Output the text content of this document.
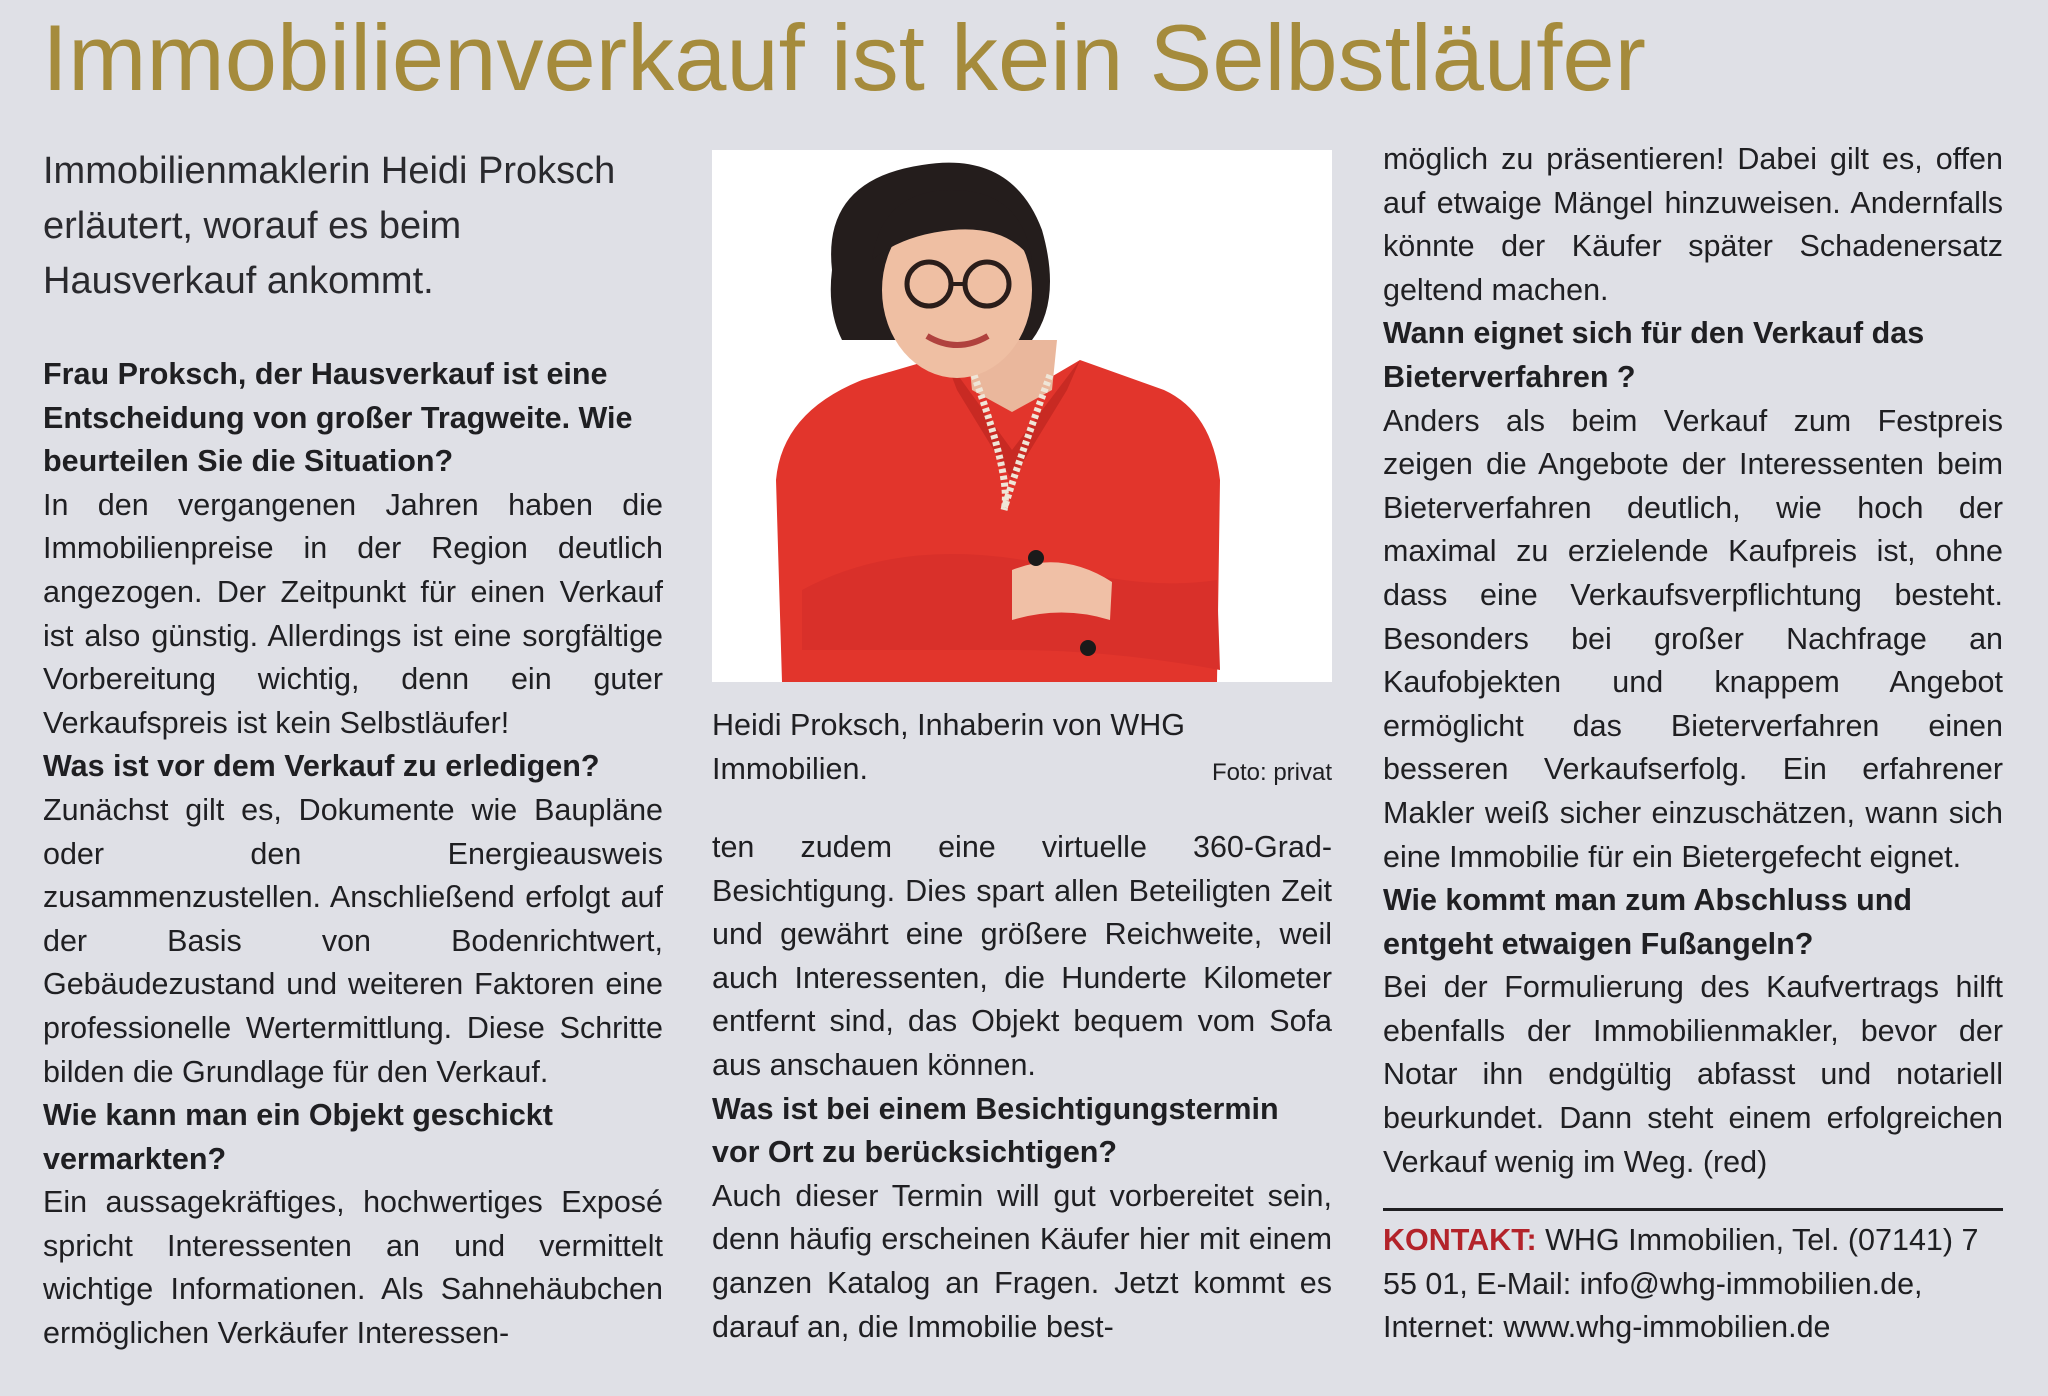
Immobilienverkauf ist kein Selbstläufer

Immobilienmaklerin Heidi Proksch erläutert, worauf es beim Hausverkauf ankommt.

Frau Proksch, der Hausverkauf ist eine Entscheidung von großer Tragweite. Wie beurteilen Sie die Situation?

In den vergangenen Jahren haben die Immobilienpreise in der Region deutlich angezogen. Der Zeitpunkt für einen Verkauf ist also günstig. Allerdings ist eine sorgfältige Vorbereitung wichtig, denn ein guter Verkaufspreis ist kein Selbstläufer!

Was ist vor dem Verkauf zu erledigen?

Zunächst gilt es, Dokumente wie Baupläne oder den Energieausweis zusammenzustellen. Anschließend erfolgt auf der Basis von Bodenrichtwert, Gebäudezustand und weiteren Faktoren eine professionelle Wertermittlung. Diese Schritte bilden die Grundlage für den Verkauf.

Wie kann man ein Objekt geschickt vermarkten?

Ein aussagekräftiges, hochwertiges Exposé spricht Interessenten an und vermittelt wichtige Informationen. Als Sahnehäubchen ermöglichen Verkäufer Interessen-

Heidi Proksch, Inhaberin von WHG Immobilien.	Foto: privat

ten zudem eine virtuelle 360-Grad-Besichtigung. Dies spart allen Beteiligten Zeit und gewährt eine größere Reichweite, weil auch Interessenten, die Hunderte Kilometer entfernt sind, das Objekt bequem vom Sofa aus anschauen können.

Was ist bei einem Besichtigungstermin vor Ort zu berücksichtigen?

Auch dieser Termin will gut vorbereitet sein, denn häufig erscheinen Käufer hier mit einem ganzen Katalog an Fragen. Jetzt kommt es darauf an, die Immobilie best-

möglich zu präsentieren! Dabei gilt es, offen auf etwaige Mängel hinzuweisen. Andernfalls könnte der Käufer später Schadenersatz geltend machen.

Wann eignet sich für den Verkauf das Bieterverfahren ?

Anders als beim Verkauf zum Festpreis zeigen die Angebote der Interessenten beim Bieterverfahren deutlich, wie hoch der maximal zu erzielende Kaufpreis ist, ohne dass eine Verkaufsverpflichtung besteht. Besonders bei großer Nachfrage an Kaufobjekten und knappem Angebot ermöglicht das Bieterverfahren einen besseren Verkaufserfolg. Ein erfahrener Makler weiß sicher einzuschätzen, wann sich eine Immobilie für ein Bietergefecht eignet.

Wie kommt man zum Abschluss und entgeht etwaigen Fußangeln?

Bei der Formulierung des Kaufvertrags hilft ebenfalls der Immobilienmakler, bevor der Notar ihn endgültig abfasst und notariell beurkundet. Dann steht einem erfolgreichen Verkauf wenig im Weg. (red)

KONTAKT: WHG Immobilien, Tel. (07141) 7 55 01, E-Mail: info@whg-immobilien.de, Internet: www.whg-immobilien.de
